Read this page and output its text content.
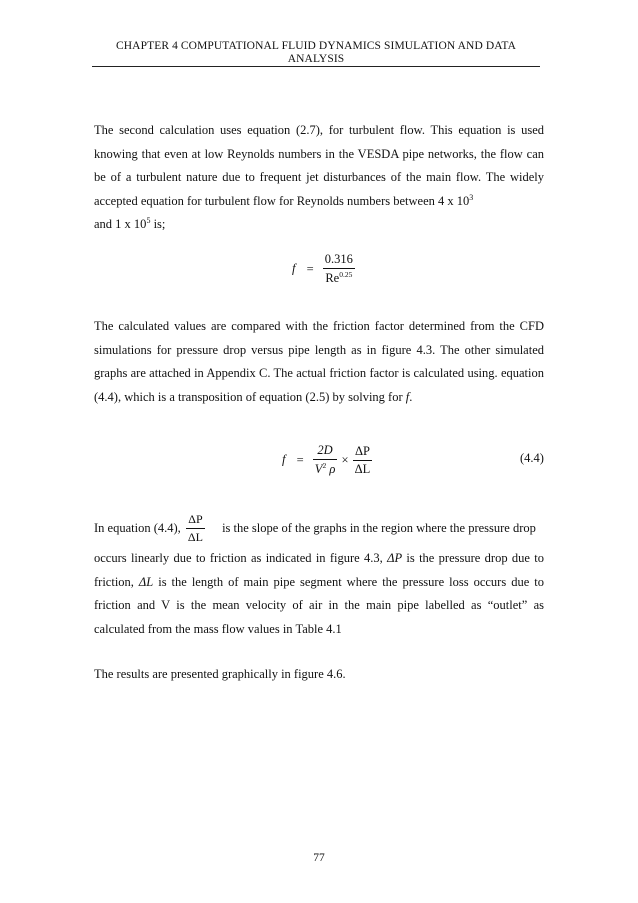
CHAPTER 4 COMPUTATIONAL FLUID DYNAMICS SIMULATION AND DATA
ANALYSIS

The second calculation uses equation (2.7), for turbulent flow. This equation is used knowing that even at low Reynolds numbers in the VESDA pipe networks, the flow can be of a turbulent nature due to frequent jet disturbances of the main flow. The widely accepted equation for turbulent flow for Reynolds numbers between 4 x $10^3$
and 1 x $10^5$ is;

$f = \frac{0.316}{Re^{0.25}}$

The calculated values are compared with the friction factor determined from the CFD simulations for pressure drop versus pipe length as in figure 4.3. The other simulated graphs are attached in Appendix C. The actual friction factor is calculated using. equation (4.4), which is a transposition of equation (2.5) by solving for f.

$f = \frac{2D}{V^2 \rho} \times \frac{\Delta P}{\Delta L}$	(4.4)
In equation (4.4), $\frac{\Delta P}{\Delta L}$ is the slope of the graphs in the region where the pressure drop

occurs linearly due to friction as indicated in figure 4.3, ΔP is the pressure drop due to friction, ΔL is the length of main pipe segment where the pressure loss occurs due to friction and V is the mean velocity of air in the main pipe labelled as “outlet” as calculated from the mass flow values in Table 4.1

The results are presented graphically in figure 4.6.

77
